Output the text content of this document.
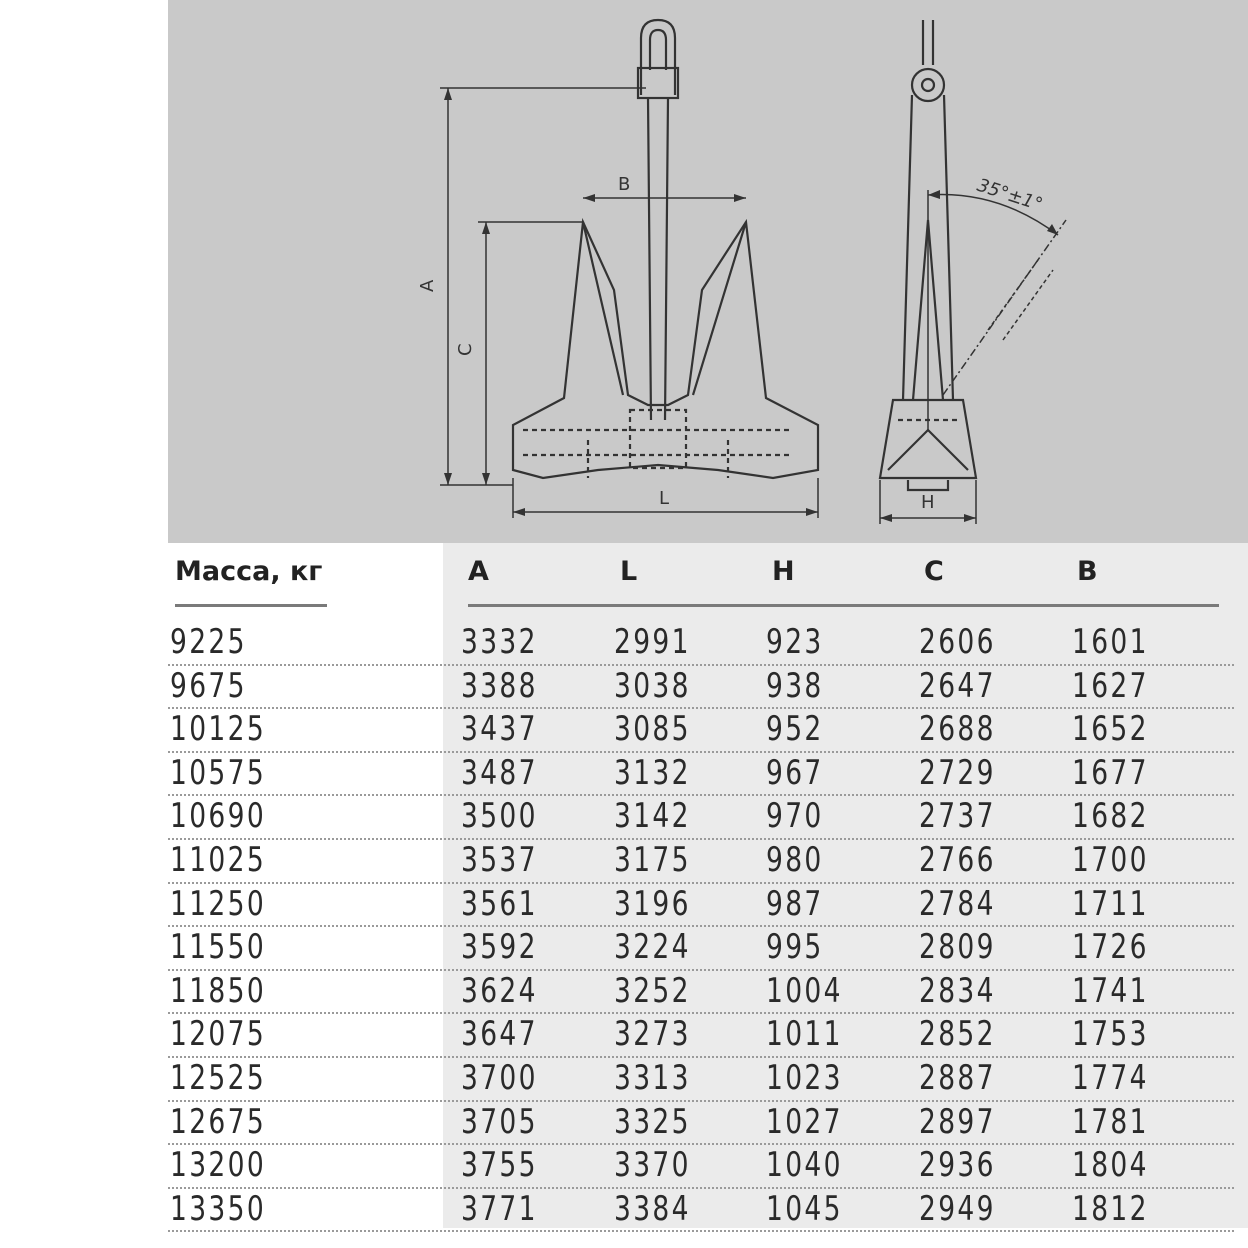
A
C
B
L	H
35°±1°
Масса, кг	A	L	H	C	B
9225	3332 2991 923	2606 1601
9675	3388 3038 938	2647 1627
10125	3437 3085 952	2688 1652
10575	3487 3132 967	2729 1677
10690	3500 3142 970	2737 1682
11025	3537 3175 980	2766 1700
11250	3561 3196 987	2784 1711
11550	3592 3224 995	2809 1726
11850	3624 3252 1004 2834 1741
12075	3647 3273 1011 2852 1753
12525	3700 3313 1023 2887 1774
12675	3705 3325 1027 2897 1781
13200	3755 3370 1040 2936 1804
13350	3771 3384 1045 2949 1812
